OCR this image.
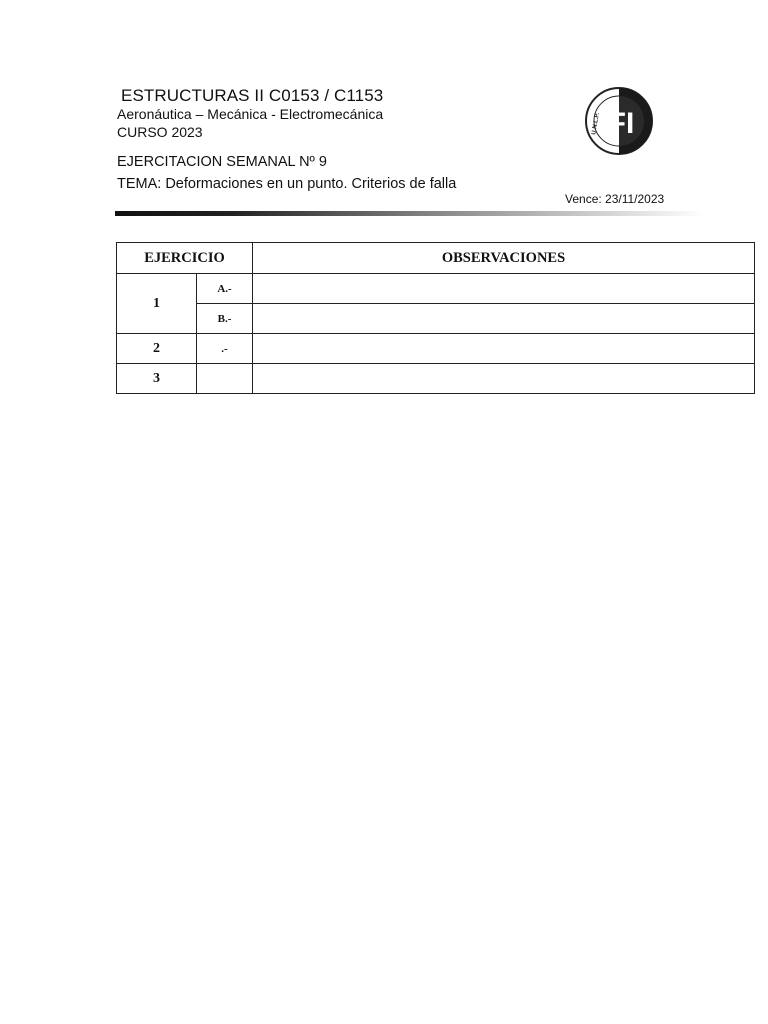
ESTRUCTURAS II C0153 / C1153
Aeronáutica – Mecánica - Electromecánica
CURSO 2023
EJERCITACION SEMANAL Nº 9
TEMA: Deformaciones en un punto. Criterios de falla
Vence: 23/11/2023
FI
U.N.L.P.
EJERCICIO		OBSERVACIONES
1	A.-	
	B.-	
2	.-	
3		
